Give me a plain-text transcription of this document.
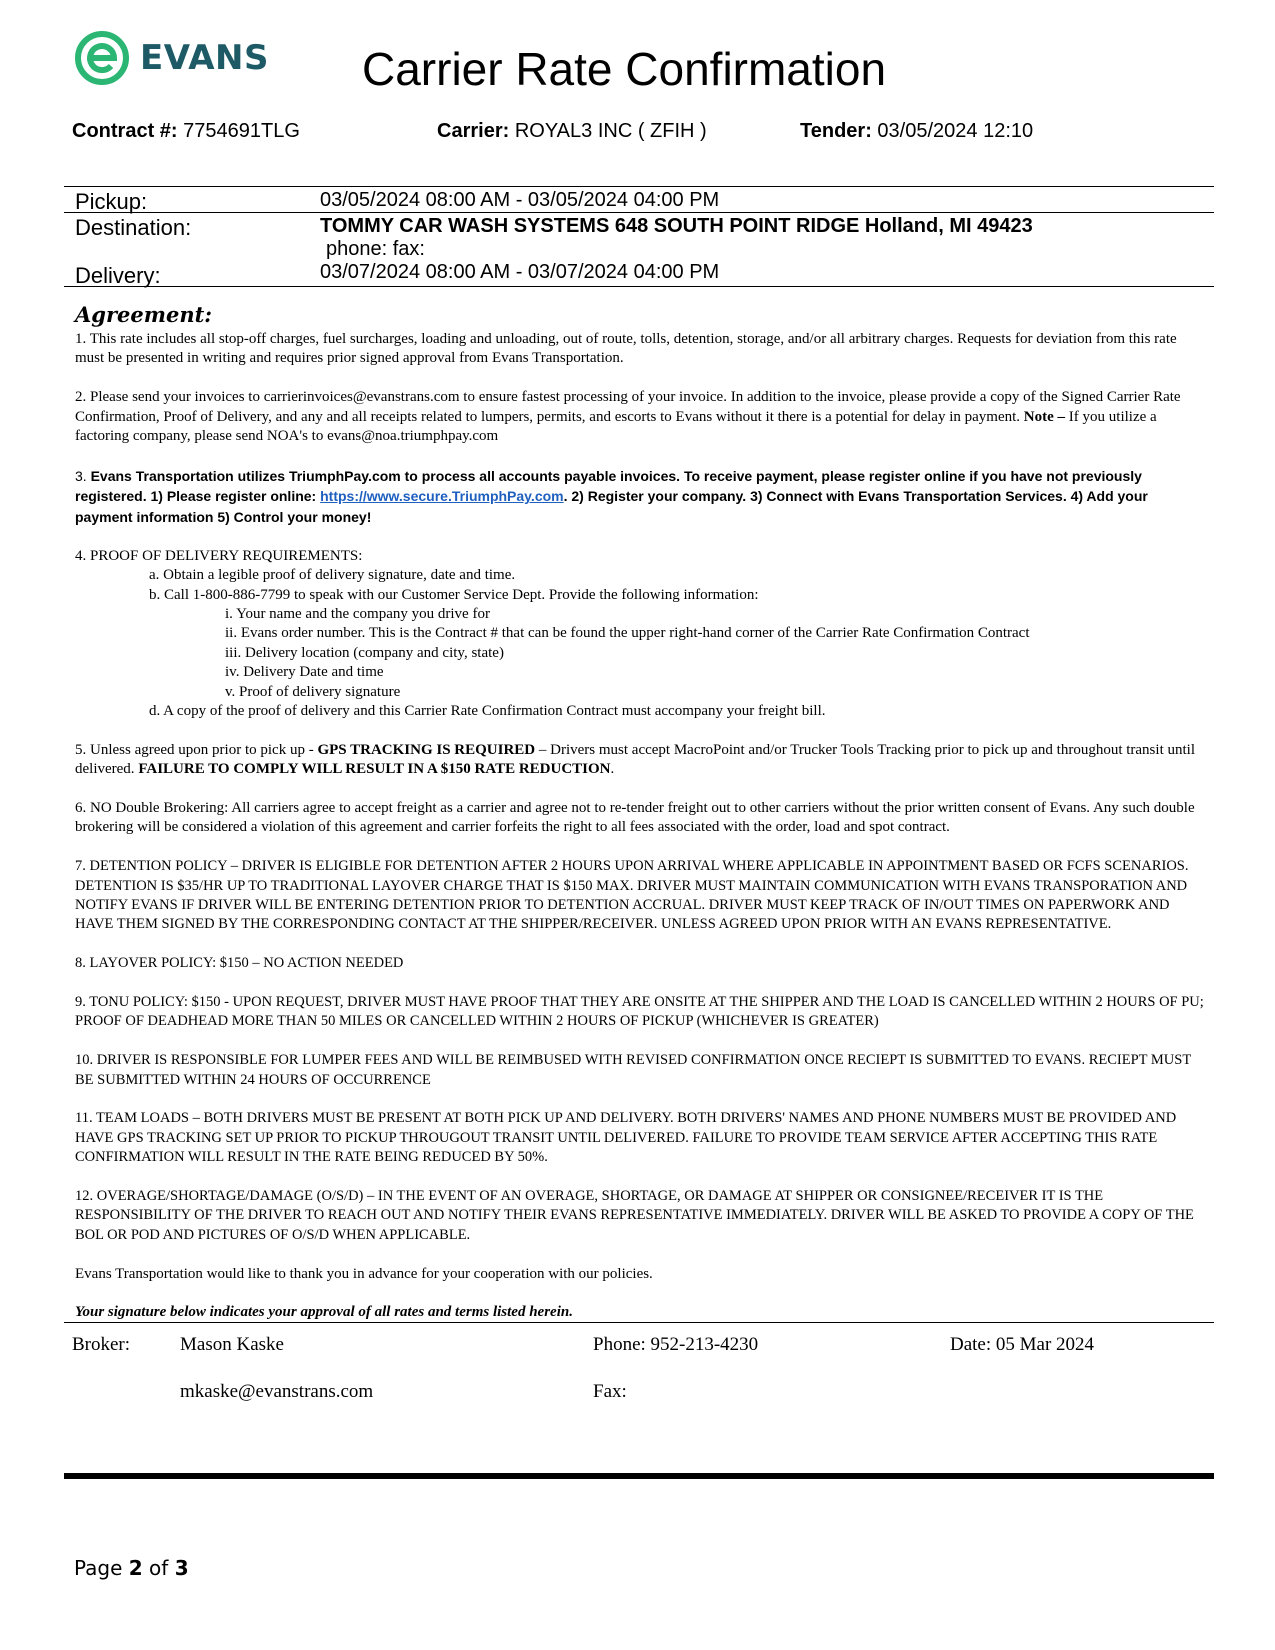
EVANS Carrier Rate Confirmation
Contract #: 7754691TLG	Carrier: ROYAL3 INC ( ZFIH )	Tender: 03/05/2024 12:10
Pickup:	03/05/2024 08:00 AM - 03/05/2024 04:00 PM
Destination:	TOMMY CAR WASH SYSTEMS 648 SOUTH POINT RIDGE Holland, MI 49423
phone: fax:
Delivery:	03/07/2024 08:00 AM - 03/07/2024 04:00 PM
Agreement:

1. This rate includes all stop-off charges, fuel surcharges, loading and unloading, out of route, tolls, detention, storage, and/or all arbitrary charges. Requests for deviation from this rate must be presented in writing and requires prior signed approval from Evans Transportation.

2. Please send your invoices to carrierinvoices@evanstrans.com to ensure fastest processing of your invoice. In addition to the invoice, please provide a copy of the Signed Carrier Rate Confirmation, Proof of Delivery, and any and all receipts related to lumpers, permits, and escorts to Evans without it there is a potential for delay in payment. Note – If you utilize a factoring company, please send NOA's to evans@noa.triumphpay.com

3. Evans Transportation utilizes TriumphPay.com to process all accounts payable invoices. To receive payment, please register online if you have not previously registered. 1) Please register online: https://www.secure.TriumphPay.com. 2) Register your company. 3) Connect with Evans Transportation Services. 4) Add your payment information 5) Control your money!

4. PROOF OF DELIVERY REQUIREMENTS:
a. Obtain a legible proof of delivery signature, date and time.
b. Call 1-800-886-7799 to speak with our Customer Service Dept. Provide the following information:
i. Your name and the company you drive for
ii. Evans order number. This is the Contract # that can be found the upper right-hand corner of the Carrier Rate Confirmation Contract
iii. Delivery location (company and city, state)
iv. Delivery Date and time
v. Proof of delivery signature
d. A copy of the proof of delivery and this Carrier Rate Confirmation Contract must accompany your freight bill.

5. Unless agreed upon prior to pick up - GPS TRACKING IS REQUIRED – Drivers must accept MacroPoint and/or Trucker Tools Tracking prior to pick up and throughout transit until delivered. FAILURE TO COMPLY WILL RESULT IN A $150 RATE REDUCTION.

6. NO Double Brokering: All carriers agree to accept freight as a carrier and agree not to re-tender freight out to other carriers without the prior written consent of Evans. Any such double brokering will be considered a violation of this agreement and carrier forfeits the right to all fees associated with the order, load and spot contract.

7. DETENTION POLICY – DRIVER IS ELIGIBLE FOR DETENTION AFTER 2 HOURS UPON ARRIVAL WHERE APPLICABLE IN APPOINTMENT BASED OR FCFS SCENARIOS. DETENTION IS $35/HR UP TO TRADITIONAL LAYOVER CHARGE THAT IS $150 MAX. DRIVER MUST MAINTAIN COMMUNICATION WITH EVANS TRANSPORATION AND NOTIFY EVANS IF DRIVER WILL BE ENTERING DETENTION PRIOR TO DETENTION ACCRUAL. DRIVER MUST KEEP TRACK OF IN/OUT TIMES ON PAPERWORK AND HAVE THEM SIGNED BY THE CORRESPONDING CONTACT AT THE SHIPPER/RECEIVER. UNLESS AGREED UPON PRIOR WITH AN EVANS REPRESENTATIVE.

8. LAYOVER POLICY: $150 – NO ACTION NEEDED

9. TONU POLICY: $150 - UPON REQUEST, DRIVER MUST HAVE PROOF THAT THEY ARE ONSITE AT THE SHIPPER AND THE LOAD IS CANCELLED WITHIN 2 HOURS OF PU; PROOF OF DEADHEAD MORE THAN 50 MILES OR CANCELLED WITHIN 2 HOURS OF PICKUP (WHICHEVER IS GREATER)

10. DRIVER IS RESPONSIBLE FOR LUMPER FEES AND WILL BE REIMBUSED WITH REVISED CONFIRMATION ONCE RECIEPT IS SUBMITTED TO EVANS. RECIEPT MUST BE SUBMITTED WITHIN 24 HOURS OF OCCURRENCE

11. TEAM LOADS – BOTH DRIVERS MUST BE PRESENT AT BOTH PICK UP AND DELIVERY. BOTH DRIVERS' NAMES AND PHONE NUMBERS MUST BE PROVIDED AND HAVE GPS TRACKING SET UP PRIOR TO PICKUP THROUGOUT TRANSIT UNTIL DELIVERED. FAILURE TO PROVIDE TEAM SERVICE AFTER ACCEPTING THIS RATE CONFIRMATION WILL RESULT IN THE RATE BEING REDUCED BY 50%.

12. OVERAGE/SHORTAGE/DAMAGE (O/S/D) – IN THE EVENT OF AN OVERAGE, SHORTAGE, OR DAMAGE AT SHIPPER OR CONSIGNEE/RECEIVER IT IS THE RESPONSIBILITY OF THE DRIVER TO REACH OUT AND NOTIFY THEIR EVANS REPRESENTATIVE IMMEDIATELY. DRIVER WILL BE ASKED TO PROVIDE A COPY OF THE BOL OR POD AND PICTURES OF O/S/D WHEN APPLICABLE.

Evans Transportation would like to thank you in advance for your cooperation with our policies.

Your signature below indicates your approval of all rates and terms listed herein.

Broker:	Mason Kaske	Phone: 952-213-4230	Date: 05 Mar 2024
mkaske@evanstrans.com	Fax:
Page 2 of 3
